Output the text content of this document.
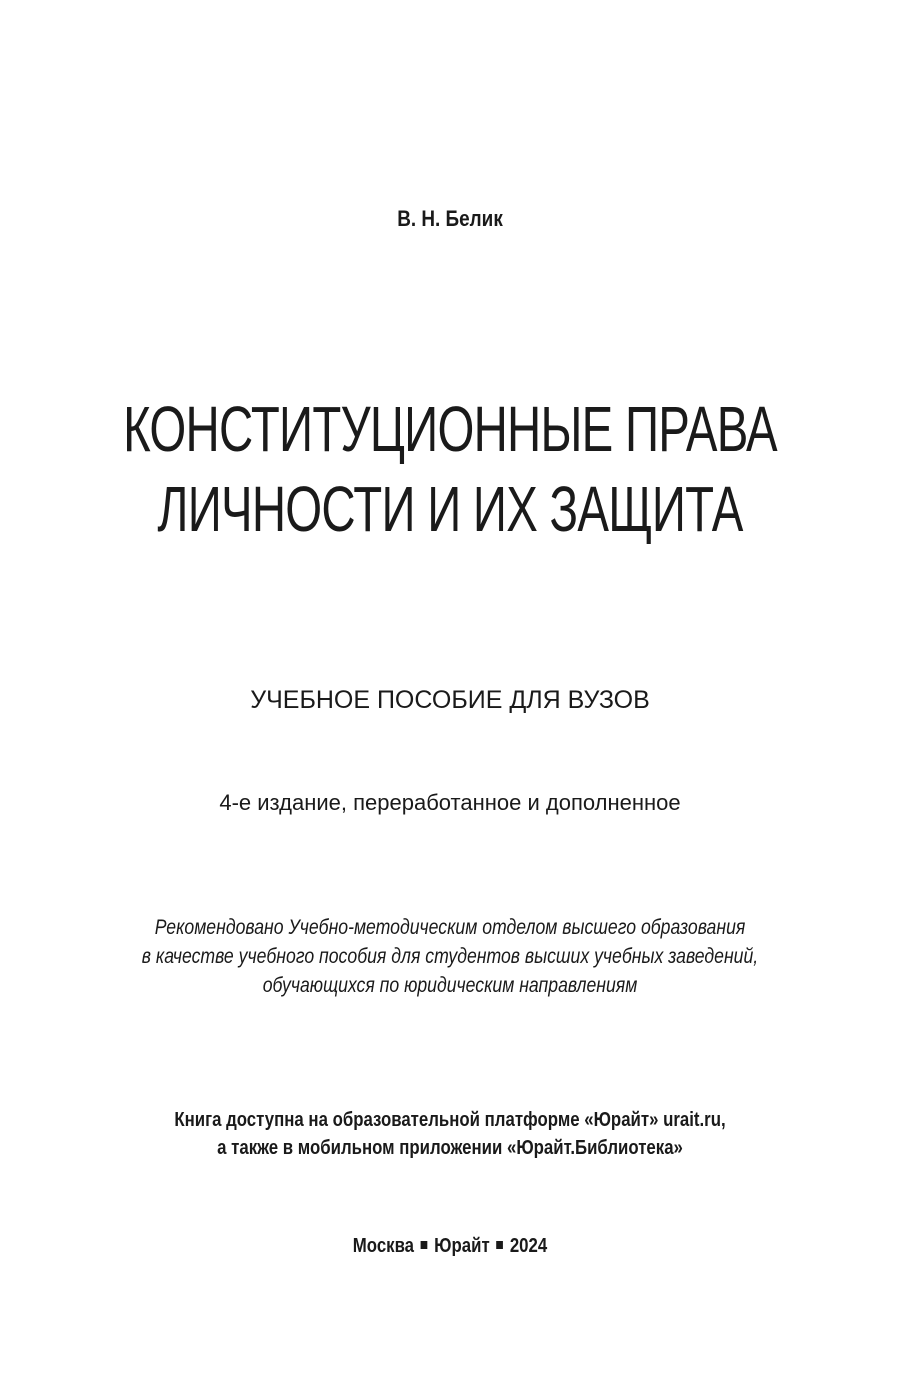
В. Н. Белик
КОНСТИТУЦИОННЫЕ ПРАВА
ЛИЧНОСТИ И ИХ ЗАЩИТА
УЧЕБНОЕ ПОСОБИЕ ДЛЯ ВУЗОВ
4-е издание, переработанное и дополненное
Рекомендовано Учебно-методическим отделом высшего образования
в качестве учебного пособия для студентов высших учебных заведений,
обучающихся по юридическим направлениям
Книга доступна на образовательной платформе «Юрайт» urait.ru,
а также в мобильном приложении «Юрайт.Библиотека»
Москва Юрайт 2024
